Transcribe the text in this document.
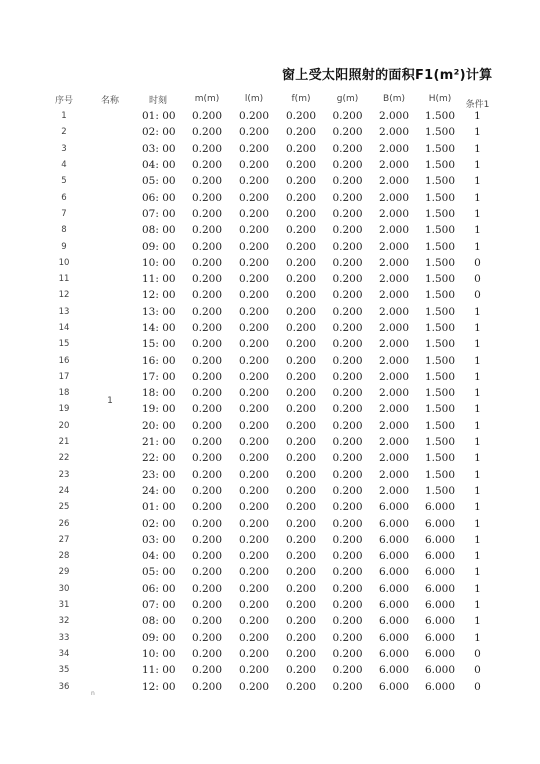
窗上受太阳照射的面积F1(m²)计算
序号	名称	时刻	m(m)	l(m)	f(m)	g(m)	B(m)	H(m)	条件1
1	1	01: 00	0.200	0.200	0.200	0.200	2.000	1.500	1
2		02: 00	0.200	0.200	0.200	0.200	2.000	1.500	1
3		03: 00	0.200	0.200	0.200	0.200	2.000	1.500	1
4		04: 00	0.200	0.200	0.200	0.200	2.000	1.500	1
5		05: 00	0.200	0.200	0.200	0.200	2.000	1.500	1
6		06: 00	0.200	0.200	0.200	0.200	2.000	1.500	1
7		07: 00	0.200	0.200	0.200	0.200	2.000	1.500	1
8		08: 00	0.200	0.200	0.200	0.200	2.000	1.500	1
9		09: 00	0.200	0.200	0.200	0.200	2.000	1.500	1
10		10: 00	0.200	0.200	0.200	0.200	2.000	1.500	0
11		11: 00	0.200	0.200	0.200	0.200	2.000	1.500	0
12		12: 00	0.200	0.200	0.200	0.200	2.000	1.500	0
13		13: 00	0.200	0.200	0.200	0.200	2.000	1.500	1
14		14: 00	0.200	0.200	0.200	0.200	2.000	1.500	1
15		15: 00	0.200	0.200	0.200	0.200	2.000	1.500	1
16		16: 00	0.200	0.200	0.200	0.200	2.000	1.500	1
17		17: 00	0.200	0.200	0.200	0.200	2.000	1.500	1
18		18: 00	0.200	0.200	0.200	0.200	2.000	1.500	1
19		19: 00	0.200	0.200	0.200	0.200	2.000	1.500	1
20		20: 00	0.200	0.200	0.200	0.200	2.000	1.500	1
21		21: 00	0.200	0.200	0.200	0.200	2.000	1.500	1
22		22: 00	0.200	0.200	0.200	0.200	2.000	1.500	1
23		23: 00	0.200	0.200	0.200	0.200	2.000	1.500	1
24		24: 00	0.200	0.200	0.200	0.200	2.000	1.500	1
25		01: 00	0.200	0.200	0.200	0.200	6.000	6.000	1
26		02: 00	0.200	0.200	0.200	0.200	6.000	6.000	1
27		03: 00	0.200	0.200	0.200	0.200	6.000	6.000	1
28		04: 00	0.200	0.200	0.200	0.200	6.000	6.000	1
29		05: 00	0.200	0.200	0.200	0.200	6.000	6.000	1
30		06: 00	0.200	0.200	0.200	0.200	6.000	6.000	1
31		07: 00	0.200	0.200	0.200	0.200	6.000	6.000	1
32		08: 00	0.200	0.200	0.200	0.200	6.000	6.000	1
33		09: 00	0.200	0.200	0.200	0.200	6.000	6.000	1
34		10: 00	0.200	0.200	0.200	0.200	6.000	6.000	0
35		11: 00	0.200	0.200	0.200	0.200	6.000	6.000	0
36		12: 00	0.200	0.200	0.200	0.200	6.000	6.000	0
n
